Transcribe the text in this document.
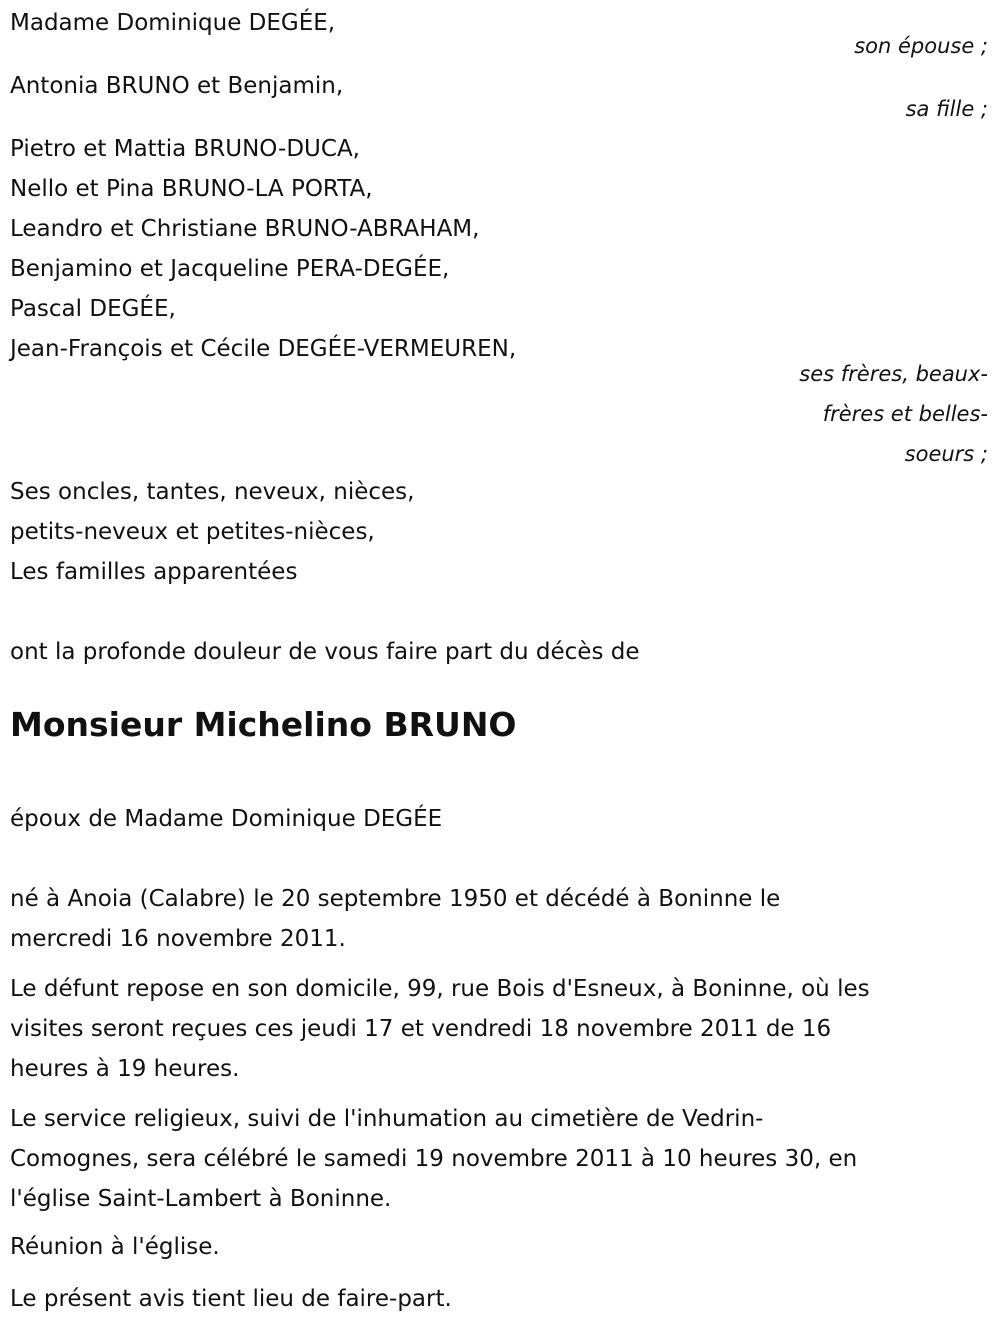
Madame Dominique DEGÉE,
son épouse ;
Antonia BRUNO et Benjamin,
sa fille ;
Pietro et Mattia BRUNO-DUCA,
Nello et Pina BRUNO-LA PORTA,
Leandro et Christiane BRUNO-ABRAHAM,
Benjamino et Jacqueline PERA-DEGÉE,
Pascal DEGÉE,
Jean-François et Cécile DEGÉE-VERMEUREN,
ses frères, beaux-
frères et belles-
soeurs ;
Ses oncles, tantes, neveux, nièces,
petits-neveux et petites-nièces,
Les familles apparentées
ont la profonde douleur de vous faire part du décès de
Monsieur Michelino BRUNO
époux de Madame Dominique DEGÉE
né à Anoia (Calabre) le 20 septembre 1950 et décédé à Boninne le
mercredi 16 novembre 2011.
Le défunt repose en son domicile, 99, rue Bois d'Esneux, à Boninne, où les
visites seront reçues ces jeudi 17 et vendredi 18 novembre 2011 de 16
heures à 19 heures.
Le service religieux, suivi de l'inhumation au cimetière de Vedrin-
Comognes, sera célébré le samedi 19 novembre 2011 à 10 heures 30, en
l'église Saint-Lambert à Boninne.
Réunion à l'église.
Le présent avis tient lieu de faire-part.
